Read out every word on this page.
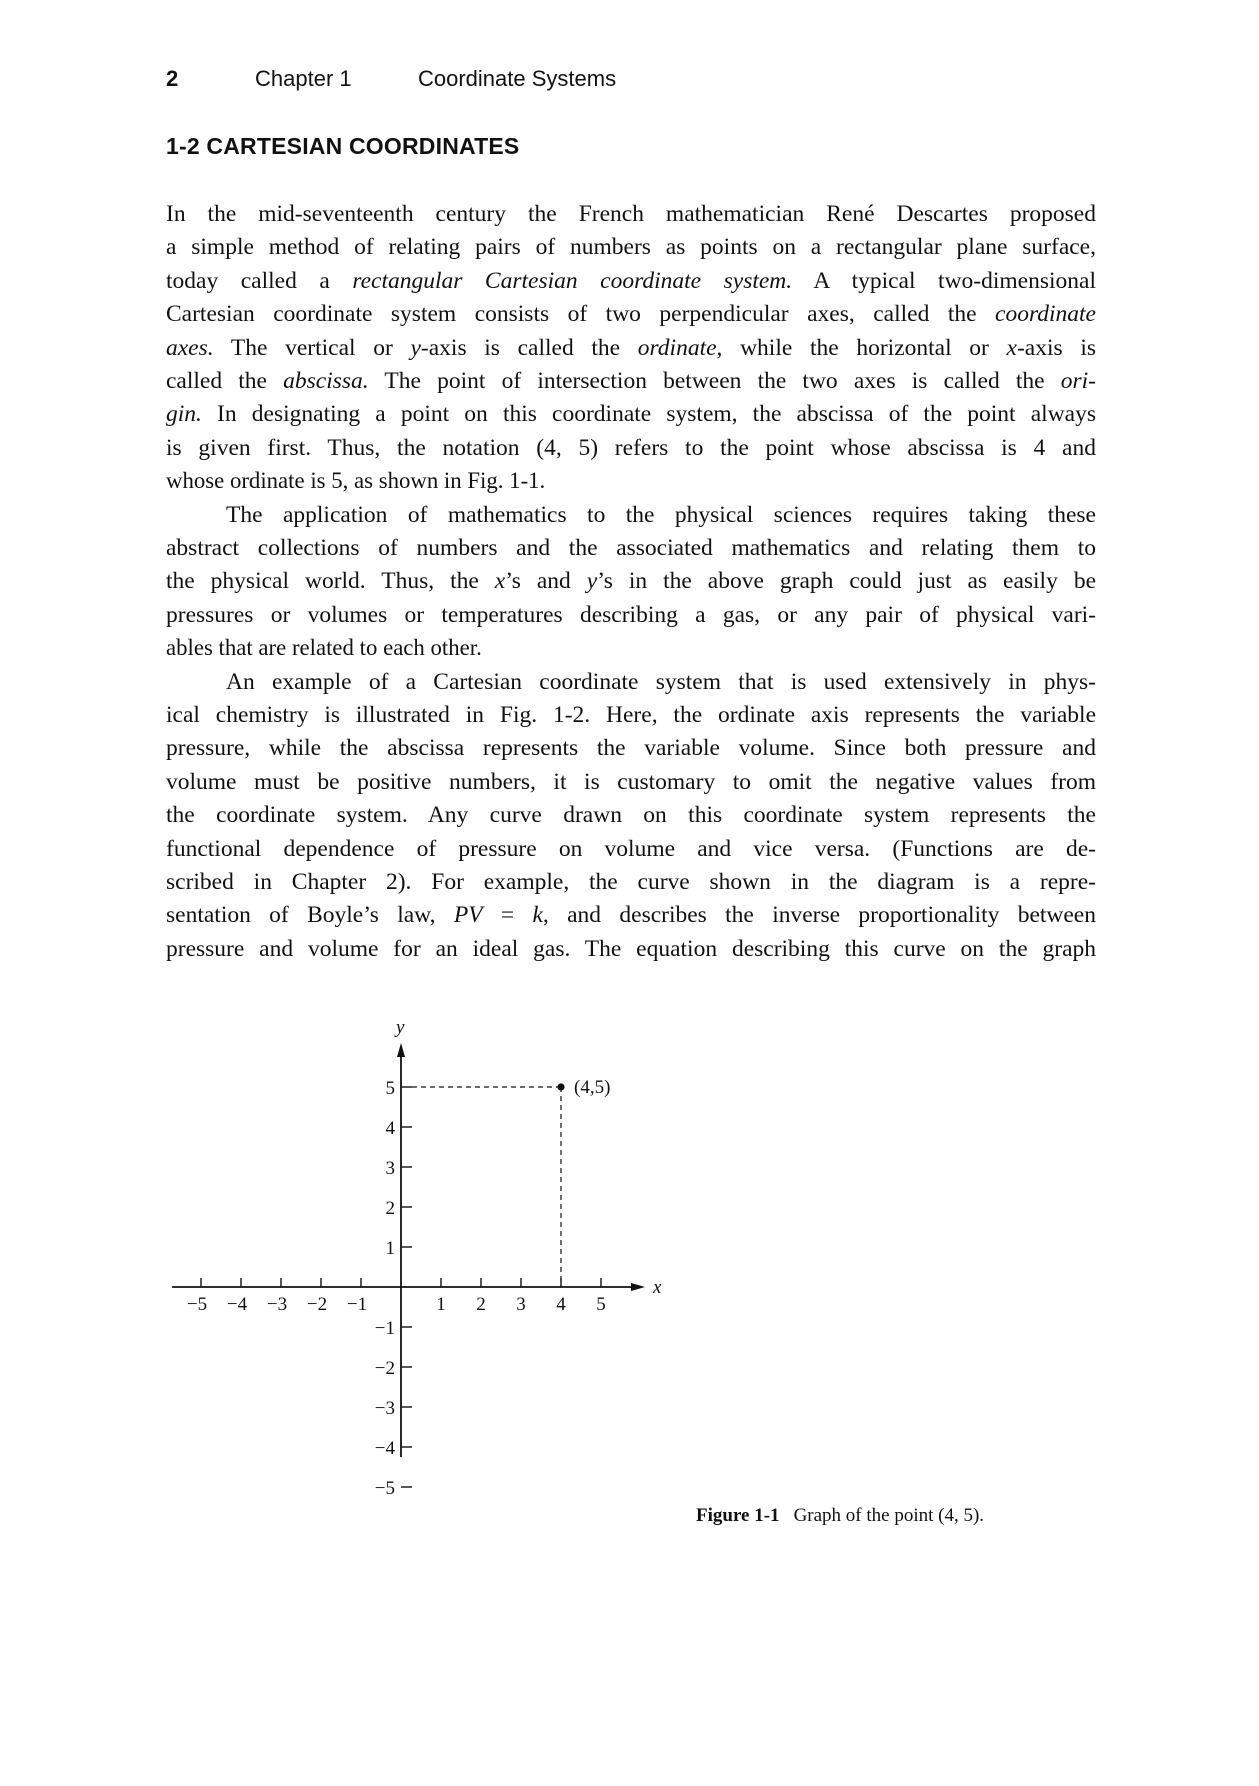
2	Chapter 1	Coordinate Systems
1-2 CARTESIAN COORDINATES
In the mid-seventeenth century the French mathematician René Descartes proposed
a simple method of relating pairs of numbers as points on a rectangular plane surface,
today called a rectangular Cartesian coordinate system. A typical two-dimensional
Cartesian coordinate system consists of two perpendicular axes, called the coordinate
axes. The vertical or y-axis is called the ordinate, while the horizontal or x-axis is
called the abscissa. The point of intersection between the two axes is called the ori-
gin. In designating a point on this coordinate system, the abscissa of the point always
is given first. Thus, the notation (4, 5) refers to the point whose abscissa is 4 and
whose ordinate is 5, as shown in Fig. 1-1.
The application of mathematics to the physical sciences requires taking these
abstract collections of numbers and the associated mathematics and relating them to
the physical world. Thus, the x’s and y’s in the above graph could just as easily be
pressures or volumes or temperatures describing a gas, or any pair of physical vari-
ables that are related to each other.
An example of a Cartesian coordinate system that is used extensively in phys-
ical chemistry is illustrated in Fig. 1-2. Here, the ordinate axis represents the variable
pressure, while the abscissa represents the variable volume. Since both pressure and
volume must be positive numbers, it is customary to omit the negative values from
the coordinate system. Any curve drawn on this coordinate system represents the
functional dependence of pressure on volume and vice versa. (Functions are de-
scribed in Chapter 2). For example, the curve shown in the diagram is a repre-
sentation of Boyle’s law, PV = k, and describes the inverse proportionality between
pressure and volume for an ideal gas. The equation describing this curve on the graph
x
y
−5 −4 −3 −2 −1	1 2 3 4 5
−5
−4
−3
−2
−1
1
2
3
4
5	(4,5)
Figure 1-1 Graph of the point (4, 5).
